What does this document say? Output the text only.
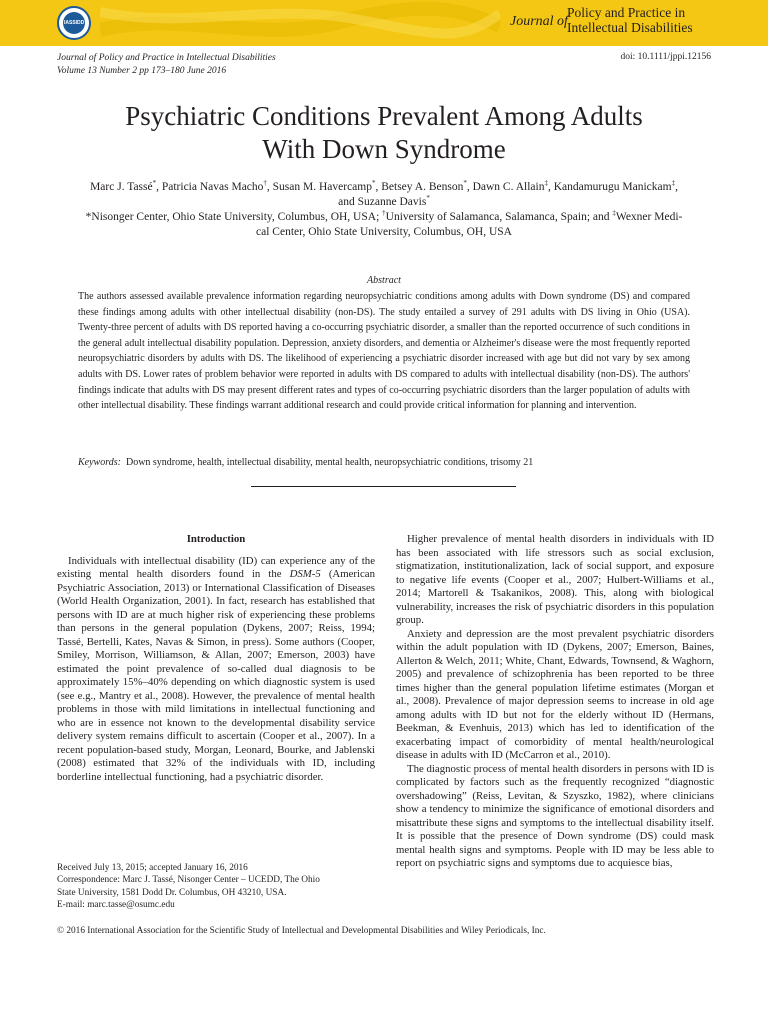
IASSIDD
Journal of
Policy and Practice in
Intellectual Disabilities
Journal of Policy and Practice in Intellectual Disabilities
Volume 13 Number 2 pp 173–180 June 2016
doi: 10.1111/jppi.12156
Psychiatric Conditions Prevalent Among Adults
With Down Syndrome
Marc J. Tassé*, Patricia Navas Macho†, Susan M. Havercamp*, Betsey A. Benson*, Dawn C. Allain‡, Kandamurugu Manickam‡,
and Suzanne Davis*
*Nisonger Center, Ohio State University, Columbus, OH, USA; †University of Salamanca, Salamanca, Spain; and ‡Wexner Medi-
cal Center, Ohio State University, Columbus, OH, USA
Abstract
The authors assessed available prevalence information regarding neuropsychiatric conditions among adults with Down syndrome (DS) and compared these findings among adults with other intellectual disability (non-DS). The study entailed a survey of 291 adults with DS living in Ohio (USA). Twenty-three percent of adults with DS reported having a co-occurring psychiatric disorder, a smaller than the reported occurrence of such conditions in the general adult intellectual disability population. Depression, anxiety disorders, and dementia or Alzheimer's disease were the most frequently reported neuropsychiatric disorders by adults with DS. The likelihood of experiencing a psychiatric disorder increased with age but did not vary by sex among adults with DS. Lower rates of problem behavior were reported in adults with DS compared to adults with intellectual disability (non-DS). The authors' findings indicate that adults with DS may present different rates and types of co-occurring psychiatric disorders than the larger population of adults with other intellectual disability. These findings warrant additional research and could provide critical information for planning and intervention.
Keywords: Down syndrome, health, intellectual disability, mental health, neuropsychiatric conditions, trisomy 21
Introduction

Individuals with intellectual disability (ID) can experience any of the existing mental health disorders found in the DSM-5 (American Psychiatric Association, 2013) or International Classification of Diseases (World Health Organization, 2001). In fact, research has established that persons with ID are at much higher risk of experiencing these problems than persons in the general population (Dykens, 2007; Reiss, 1994; Tassé, Bertelli, Kates, Navas & Simon, in press). Some authors (Cooper, Smiley, Morrison, Williamson, & Allan, 2007; Emerson, 2003) have estimated the point prevalence of so-called dual diagnosis to be approximately 15%–40% depending on which diagnostic system is used (see e.g., Mantry et al., 2008). However, the prevalence of mental health problems in those with mild limitations in intellectual functioning and who are in essence not known to the developmental disability service delivery system remains difficult to ascertain (Cooper et al., 2007). In a recent population-based study, Morgan, Leonard, Bourke, and Jablenski (2008) estimated that 32% of the individuals with ID, including borderline intellectual functioning, had a psychiatric disorder.

Higher prevalence of mental health disorders in individuals with ID has been associated with life stressors such as social exclusion, stigmatization, institutionalization, lack of social support, and exposure to negative life events (Cooper et al., 2007; Hulbert-Williams et al., 2014; Martorell & Tsakanikos, 2008). This, along with biological vulnerability, increases the risk of psychiatric disorders in this population group.

Anxiety and depression are the most prevalent psychiatric disorders within the adult population with ID (Dykens, 2007; Emerson, Baines, Allerton & Welch, 2011; White, Chant, Edwards, Townsend, & Waghorn, 2005) and prevalence of schizophrenia has been reported to be three times higher than the general population lifetime estimates (Morgan et al., 2008). Prevalence of major depression seems to increase in old age among adults with ID but not for the elderly without ID (Hermans, Beekman, & Evenhuis, 2013) which has led to identification of the exacerbating impact of comorbidity of mental health/neurological disease in adults with ID (McCarron et al., 2010).

The diagnostic process of mental health disorders in persons with ID is complicated by factors such as the frequently recognized “diagnostic overshadowing” (Reiss, Levitan, & Szyszko, 1982), where clinicians show a tendency to minimize the significance of emotional disorders and misattribute these signs and symptoms to the intellectual disability itself. It is possible that the presence of Down syndrome (DS) could mask mental health signs and symptoms. People with ID may be less able to report on psychiatric signs and symptoms due to acquiesce bias,

Received July 13, 2015; accepted January 16, 2016
Correspondence: Marc J. Tassé, Nisonger Center – UCEDD, The Ohio
State University, 1581 Dodd Dr. Columbus, OH 43210, USA.
E-mail: marc.tasse@osumc.edu
© 2016 International Association for the Scientific Study of Intellectual and Developmental Disabilities and Wiley Periodicals, Inc.
